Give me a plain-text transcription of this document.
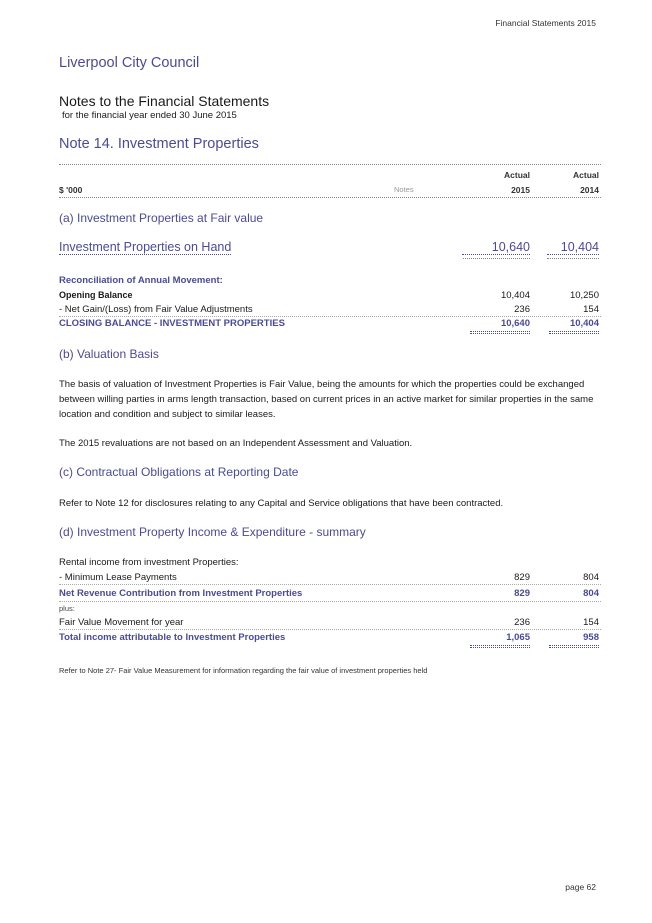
Financial Statements 2015
Liverpool City Council
Notes to the Financial Statements
for the financial year ended 30 June 2015
Note 14. Investment Properties
Actual	Actual
$ '000	Notes	2015	2014
(a) Investment Properties at Fair value
Investment Properties on Hand	10,640	10,404
Reconciliation of Annual Movement:
Opening Balance	10,404	10,250
- Net Gain/(Loss) from Fair Value Adjustments	236	154
CLOSING BALANCE - INVESTMENT PROPERTIES	10,640	10,404
(b) Valuation Basis
The basis of valuation of Investment Properties is Fair Value, being the amounts for which the properties could be exchanged between willing parties in arms length transaction, based on current prices in an active market for similar properties in the same location and condition and subject to similar leases.
The 2015 revaluations are not based on an Independent Assessment and Valuation.
(c) Contractual Obligations at Reporting Date
Refer to Note 12 for disclosures relating to any Capital and Service obligations that have been contracted.
(d) Investment Property Income & Expenditure - summary
Rental income from investment Properties:
- Minimum Lease Payments	829	804
Net Revenue Contribution from Investment Properties	829	804
plus:
Fair Value Movement for year	236	154
Total income attributable to Investment Properties	1,065	958
Refer to Note 27- Fair Value Measurement for information regarding the fair value of investment properties held
page 62
